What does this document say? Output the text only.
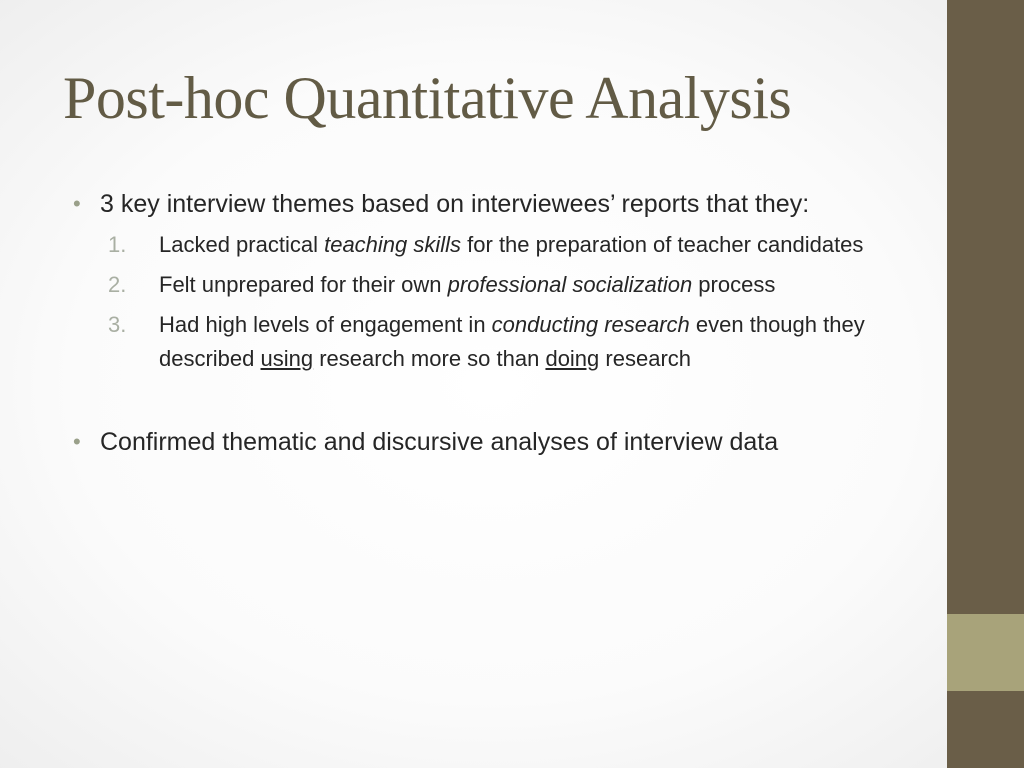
Post-hoc Quantitative Analysis
• 3 key interview themes based on interviewees’ reports that they:
1. Lacked practical teaching skills for the preparation of teacher candidates
2. Felt unprepared for their own professional socialization process
3. Had high levels of engagement in conducting research even though they described using research more so than doing research
• Confirmed thematic and discursive analyses of interview data
